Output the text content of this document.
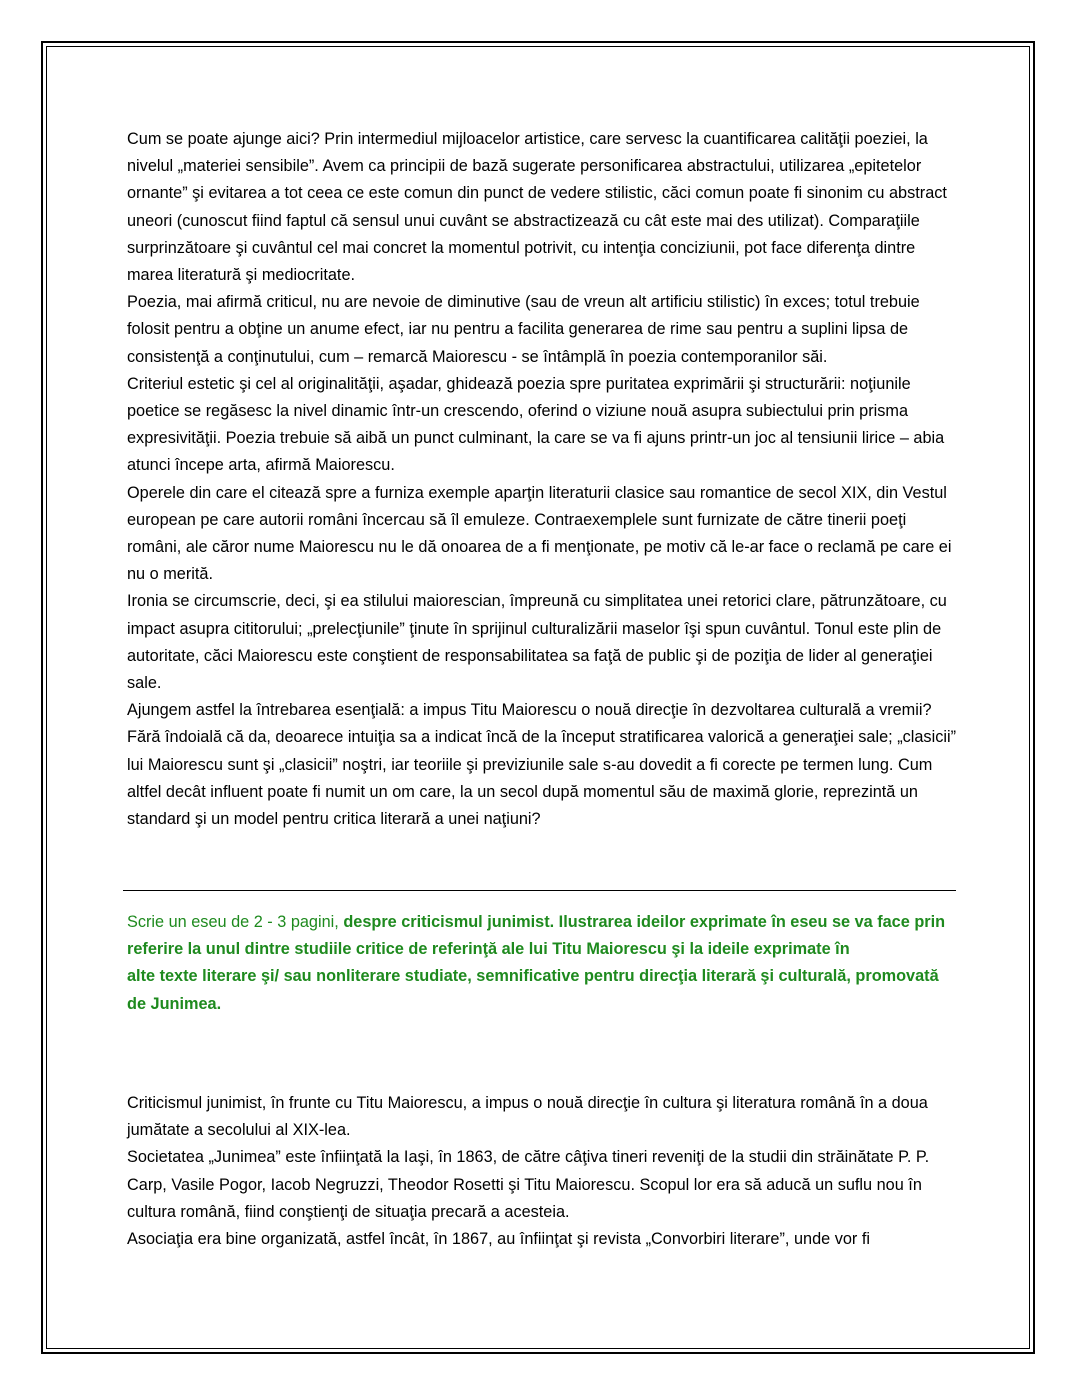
Cum se poate ajunge aici? Prin intermediul mijloacelor artistice, care servesc la cuantificarea calităţii poeziei, la nivelul „materiei sensibile”. Avem ca principii de bază sugerate personificarea abstractului, utilizarea „epitetelor ornante” şi evitarea a tot ceea ce este comun din punct de vedere stilistic, căci comun poate fi sinonim cu abstract uneori (cunoscut fiind faptul că sensul unui cuvânt se abstractizează cu cât este mai des utilizat). Comparaţiile surprinzătoare şi cuvântul cel mai concret la momentul potrivit, cu intenţia conciziunii, pot face diferenţa dintre marea literatură şi mediocritate.

Poezia, mai afirmă criticul, nu are nevoie de diminutive (sau de vreun alt artificiu stilistic) în exces; totul trebuie folosit pentru a obţine un anume efect, iar nu pentru a facilita generarea de rime sau pentru a suplini lipsa de consistenţă a conţinutului, cum – remarcă Maiorescu - se întâmplă în poezia contemporanilor săi.

Criteriul estetic şi cel al originalităţii, aşadar, ghidează poezia spre puritatea exprimării şi structurării: noţiunile poetice se regăsesc la nivel dinamic într-un crescendo, oferind o viziune nouă asupra subiectului prin prisma expresivităţii. Poezia trebuie să aibă un punct culminant, la care se va fi ajuns printr-un joc al tensiunii lirice – abia atunci începe arta, afirmă Maiorescu.

Operele din care el citează spre a furniza exemple aparţin literaturii clasice sau romantice de secol XIX, din Vestul european pe care autorii români încercau să îl emuleze. Contraexemplele sunt furnizate de către tinerii poeţi români, ale căror nume Maiorescu nu le dă onoarea de a fi menţionate, pe motiv că le-ar face o reclamă pe care ei nu o merită.

Ironia se circumscrie, deci, şi ea stilului maiorescian, împreună cu simplitatea unei retorici clare, pătrunzătoare, cu impact asupra cititorului; „prelecţiunile” ţinute în sprijinul culturalizării maselor îşi spun cuvântul. Tonul este plin de autoritate, căci Maiorescu este conştient de responsabilitatea sa faţă de public şi de poziţia de lider al generaţiei sale.

Ajungem astfel la întrebarea esenţială: a impus Titu Maiorescu o nouă direcţie în dezvoltarea culturală a vremii? Fără îndoială că da, deoarece intuiţia sa a indicat încă de la început stratificarea valorică a generaţiei sale; „clasicii” lui Maiorescu sunt şi „clasicii” noştri, iar teoriile şi previziunile sale s-au dovedit a fi corecte pe termen lung. Cum altfel decât influent poate fi numit un om care, la un secol după momentul său de maximă glorie, reprezintă un standard şi un model pentru critica literară a unei naţiuni?

Scrie un eseu de 2 - 3 pagini, despre criticismul junimist. Ilustrarea ideilor exprimate în eseu se va face prin referire la unul dintre studiile critice de referinţă ale lui Titu Maiorescu şi la ideile exprimate în
alte texte literare şi/ sau nonliterare studiate, semnificative pentru direcţia literară şi culturală, promovată
de Junimea.

Criticismul junimist, în frunte cu Titu Maiorescu, a impus o nouă direcţie în cultura şi literatura română în a doua jumătate a secolului al XIX-lea.

Societatea „Junimea” este înfiinţată la Iaşi, în 1863, de către câţiva tineri reveniţi de la studii din străinătate P. P. Carp, Vasile Pogor, Iacob Negruzzi, Theodor Rosetti şi Titu Maiorescu. Scopul lor era să aducă un suflu nou în cultura română, fiind conştienţi de situaţia precară a acesteia.

Asociaţia era bine organizată, astfel încât, în 1867, au înfiinţat şi revista „Convorbiri literare”, unde vor fi
